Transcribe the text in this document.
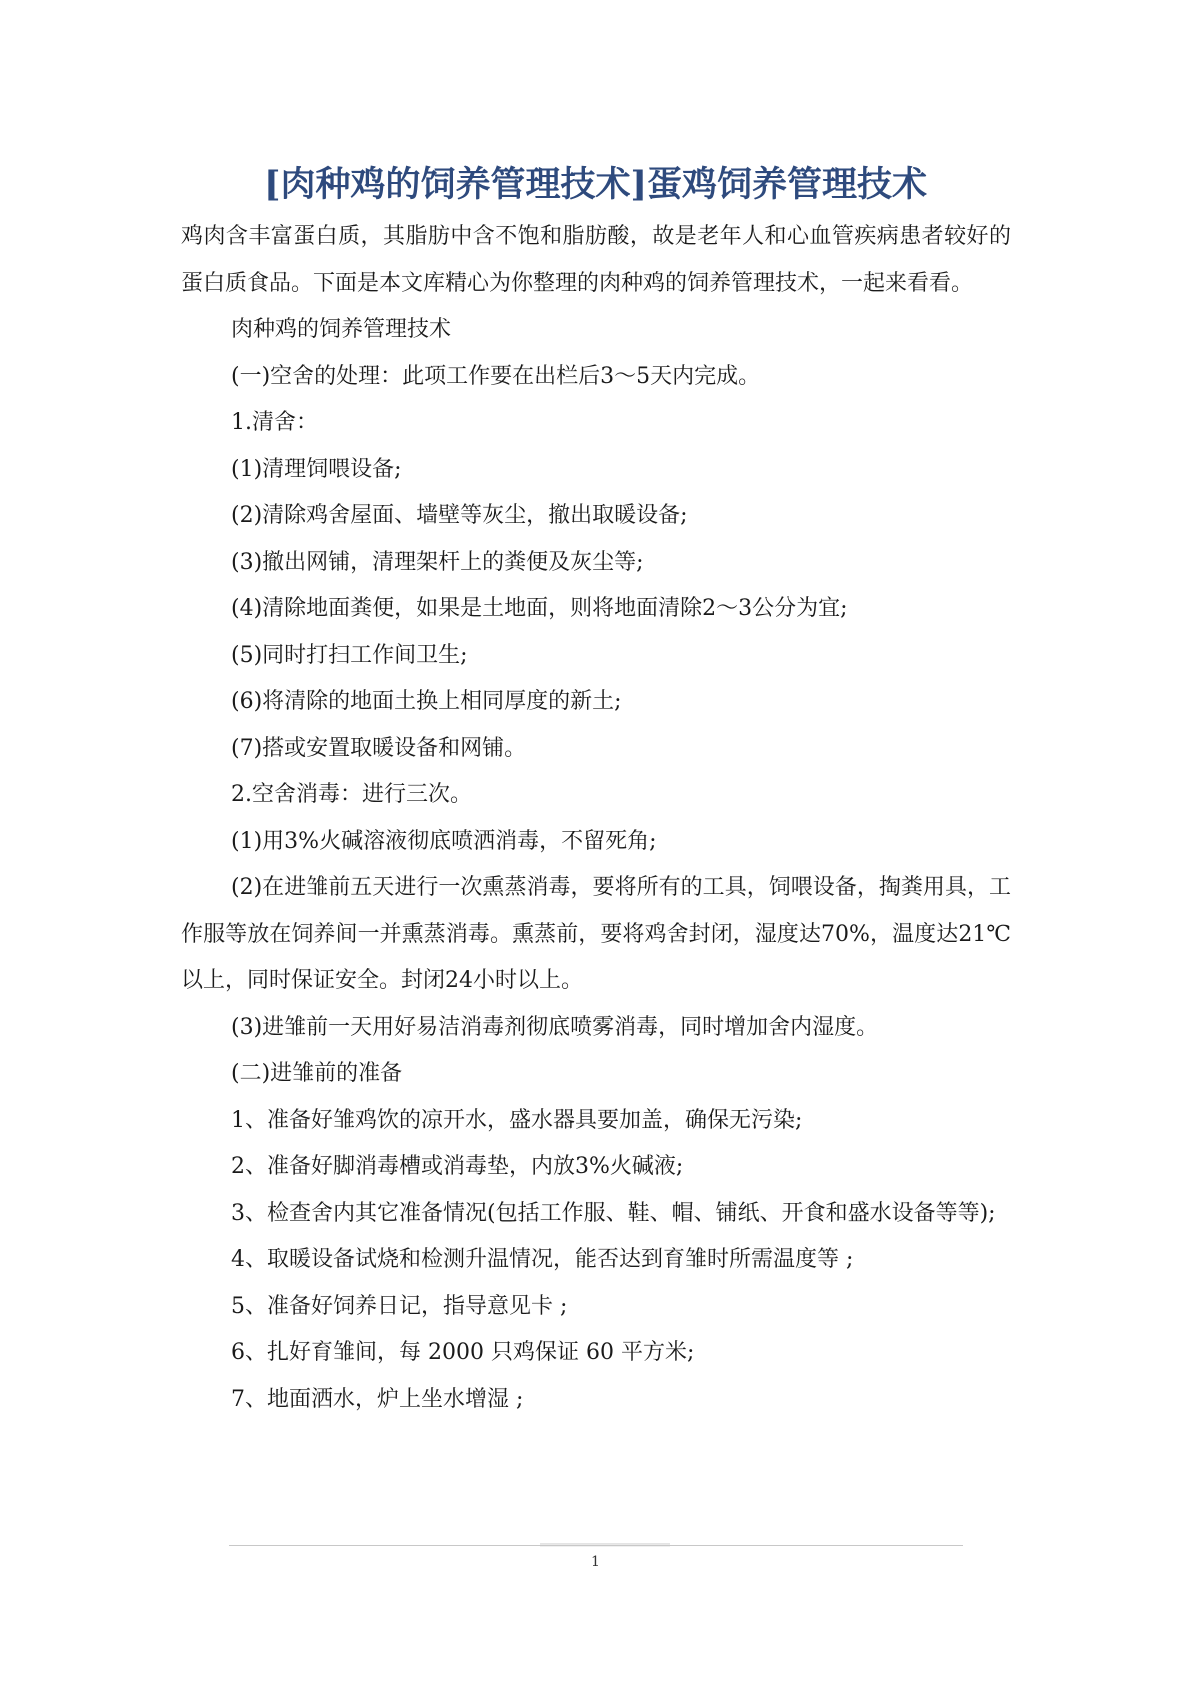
[肉种鸡的饲养管理技术]蛋鸡饲养管理技术

鸡肉含丰富蛋白质，其脂肪中含不饱和脂肪酸，故是老年人和心血管疾病患者较好的蛋白质食品。下面是本文库精心为你整理的肉种鸡的饲养管理技术，一起来看看。

肉种鸡的饲养管理技术

(一)空舍的处理：此项工作要在出栏后3～5天内完成。

1.清舍：

(1)清理饲喂设备;

(2)清除鸡舍屋面、墙壁等灰尘，撤出取暖设备;

(3)撤出网铺，清理架杆上的粪便及灰尘等;

(4)清除地面粪便，如果是土地面，则将地面清除2～3公分为宜;

(5)同时打扫工作间卫生;

(6)将清除的地面土换上相同厚度的新土;

(7)搭或安置取暖设备和网铺。

2.空舍消毒：进行三次。

(1)用3%火碱溶液彻底喷洒消毒，不留死角;

(2)在进雏前五天进行一次熏蒸消毒，要将所有的工具，饲喂设备，掏粪用具，工作服等放在饲养间一并熏蒸消毒。熏蒸前，要将鸡舍封闭，湿度达70%，温度达21℃以上，同时保证安全。封闭24小时以上。

(3)进雏前一天用好易洁消毒剂彻底喷雾消毒，同时增加舍内湿度。

(二)进雏前的准备

1、准备好雏鸡饮的凉开水，盛水器具要加盖，确保无污染;

2、准备好脚消毒槽或消毒垫，内放3%火碱液;

3、检查舍内其它准备情况(包括工作服、鞋、帽、铺纸、开食和盛水设备等等);

4、取暖设备试烧和检测升温情况，能否达到育雏时所需温度等 ;

5、准备好饲养日记，指导意见卡 ;

6、扎好育雏间，每 2000 只鸡保证 60 平方米;

7、地面洒水，炉上坐水增湿 ;

1
